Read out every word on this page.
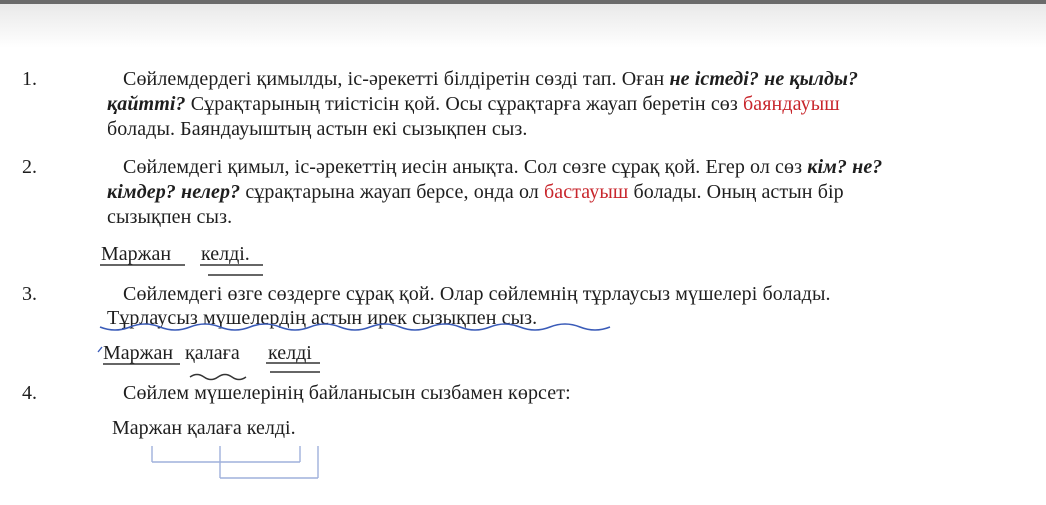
1.	Сөйлемдердегі қимылды, іс-әрекетті білдіретін сөзді тап. Оған не істеді? не қылды?
қайтті? Сұрақтарының тиістісін қой. Осы сұрақтарға жауап беретін сөз баяндауыш
болады. Баяндауыштың астын екі сызықпен сыз.
2.	Сөйлемдегі қимыл, іс-әрекеттің иесін анықта. Сол сөзге сұрақ қой. Егер ол сөз кім? не?
кімдер? нелер? сұрақтарына жауап берсе, онда ол бастауыш болады. Оның астын бір
сызықпен сыз.
Маржан келді.
3.	Сөйлемдегі өзге сөздерге сұрақ қой. Олар сөйлемнің тұрлаусыз мүшелері болады.
Тұрлаусыз мүшелердің астын ирек сызықпен сыз.
Маржан қалаға келді
4.	Сөйлем мүшелерінің байланысын сызбамен көрсет:
Маржан қалаға келді.
